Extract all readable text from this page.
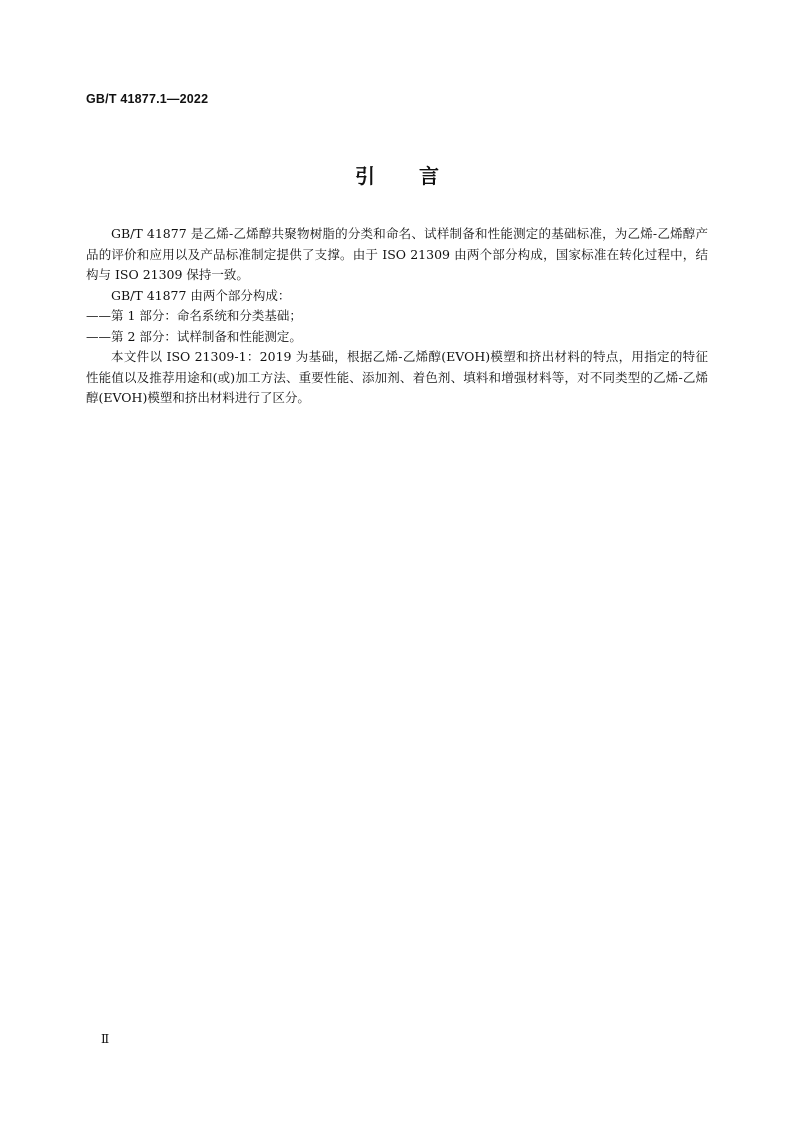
GB/T 41877.1—2022
引言

GB/T 41877 是乙烯-乙烯醇共聚物树脂的分类和命名、试样制备和性能测定的基础标准，为乙烯-乙烯醇产品的评价和应用以及产品标准制定提供了支撑。由于 ISO 21309 由两个部分构成，国家标准在转化过程中，结构与 ISO 21309 保持一致。

GB/T 41877 由两个部分构成：

——第 1 部分：命名系统和分类基础；

——第 2 部分：试样制备和性能测定。

本文件以 ISO 21309-1：2019 为基础，根据乙烯-乙烯醇(EVOH)模塑和挤出材料的特点，用指定的特征性能值以及推荐用途和(或)加工方法、重要性能、添加剂、着色剂、填料和增强材料等，对不同类型的乙烯-乙烯醇(EVOH)模塑和挤出材料进行了区分。

Ⅱ
